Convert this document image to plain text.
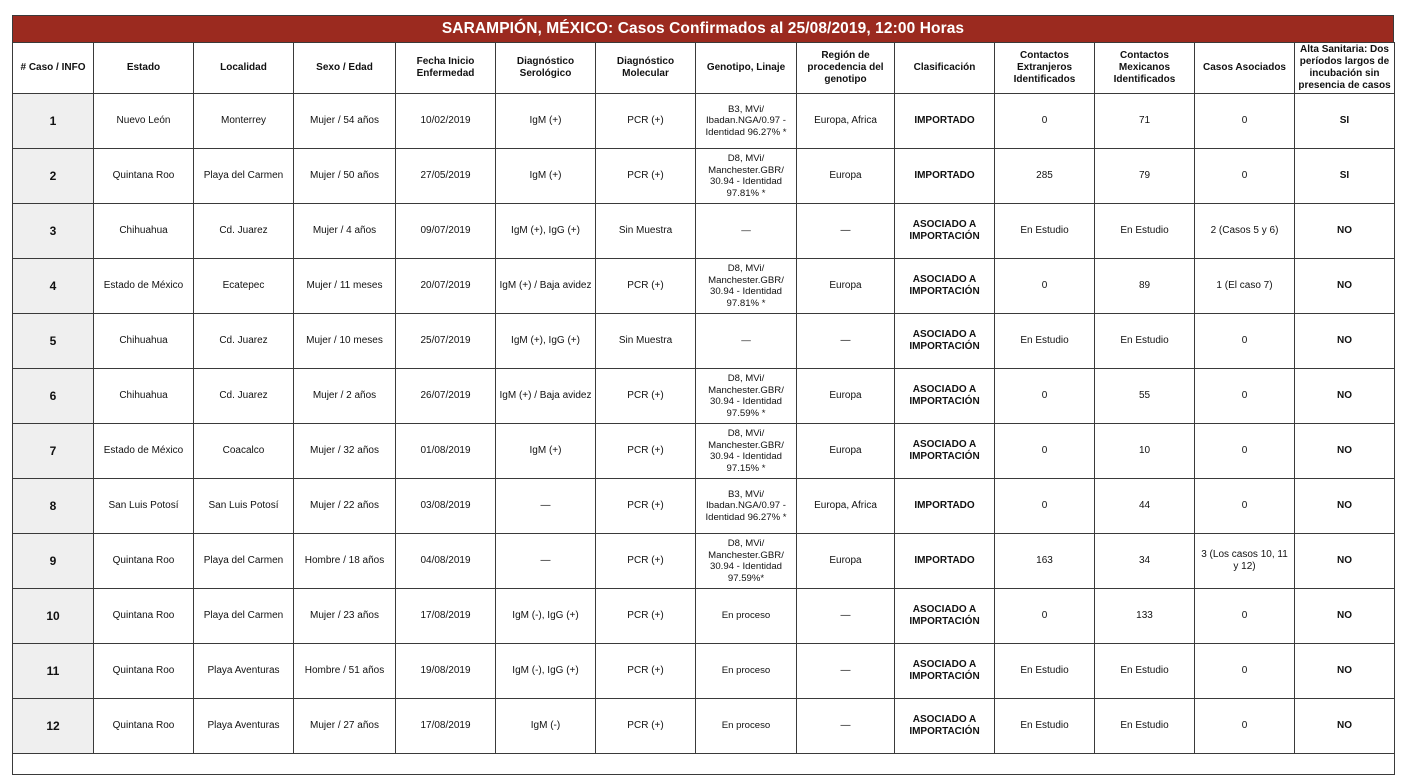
SARAMPIÓN, MÉXICO: Casos Confirmados al 25/08/2019, 12:00 Horas
# Caso / INFO	Estado	Localidad	Sexo / Edad	Fecha Inicio Enfermedad	Diagnóstico Serológico	Diagnóstico Molecular	Genotipo, Linaje	Región de procedencia del genotipo	Clasificación	Contactos Extranjeros Identificados	Contactos Mexicanos Identificados	Casos Asociados	Alta Sanitaria: Dos períodos largos de incubación sin presencia de casos
1	Nuevo León	Monterrey	Mujer / 54 años	10/02/2019	IgM (+)	PCR (+)	B3, MVi/ Ibadan.NGA/0.97 - Identidad 96.27% *	Europa, Africa	IMPORTADO	0	71	0	SI
2	Quintana Roo	Playa del Carmen	Mujer / 50 años	27/05/2019	IgM (+)	PCR (+)	D8, MVi/ Manchester.GBR/ 30.94 - Identidad 97.81% *	Europa	IMPORTADO	285	79	0	SI
3	Chihuahua	Cd. Juarez	Mujer / 4 años	09/07/2019	IgM (+), IgG (+)	Sin Muestra	—	—	ASOCIADO A IMPORTACIÓN	En Estudio	En Estudio	2 (Casos 5 y 6)	NO
4	Estado de México	Ecatepec	Mujer / 11 meses	20/07/2019	IgM (+) / Baja avidez	PCR (+)	D8, MVi/ Manchester.GBR/ 30.94 - Identidad 97.81% *	Europa	ASOCIADO A IMPORTACIÓN	0	89	1 (El caso 7)	NO
5	Chihuahua	Cd. Juarez	Mujer / 10 meses	25/07/2019	IgM (+), IgG (+)	Sin Muestra	—	—	ASOCIADO A IMPORTACIÓN	En Estudio	En Estudio	0	NO
6	Chihuahua	Cd. Juarez	Mujer / 2 años	26/07/2019	IgM (+) / Baja avidez	PCR (+)	D8, MVi/ Manchester.GBR/ 30.94 - Identidad 97.59% *	Europa	ASOCIADO A IMPORTACIÓN	0	55	0	NO
7	Estado de México	Coacalco	Mujer / 32 años	01/08/2019	IgM (+)	PCR (+)	D8, MVi/ Manchester.GBR/ 30.94 - Identidad 97.15% *	Europa	ASOCIADO A IMPORTACIÓN	0	10	0	NO
8	San Luis Potosí	San Luis Potosí	Mujer / 22 años	03/08/2019	—	PCR (+)	B3, MVi/ Ibadan.NGA/0.97 - Identidad 96.27% *	Europa, Africa	IMPORTADO	0	44	0	NO
9	Quintana Roo	Playa del Carmen	Hombre / 18 años	04/08/2019	—	PCR (+)	D8, MVi/ Manchester.GBR/ 30.94 - Identidad 97.59%*	Europa	IMPORTADO	163	34	3 (Los casos 10, 11 y 12)	NO
10	Quintana Roo	Playa del Carmen	Mujer / 23 años	17/08/2019	IgM (-), IgG (+)	PCR (+)	En proceso	—	ASOCIADO A IMPORTACIÓN	0	133	0	NO
11	Quintana Roo	Playa Aventuras	Hombre / 51 años	19/08/2019	IgM (-), IgG (+)	PCR (+)	En proceso	—	ASOCIADO A IMPORTACIÓN	En Estudio	En Estudio	0	NO
12	Quintana Roo	Playa Aventuras	Mujer / 27 años	17/08/2019	IgM (-)	PCR (+)	En proceso	—	ASOCIADO A IMPORTACIÓN	En Estudio	En Estudio	0	NO
